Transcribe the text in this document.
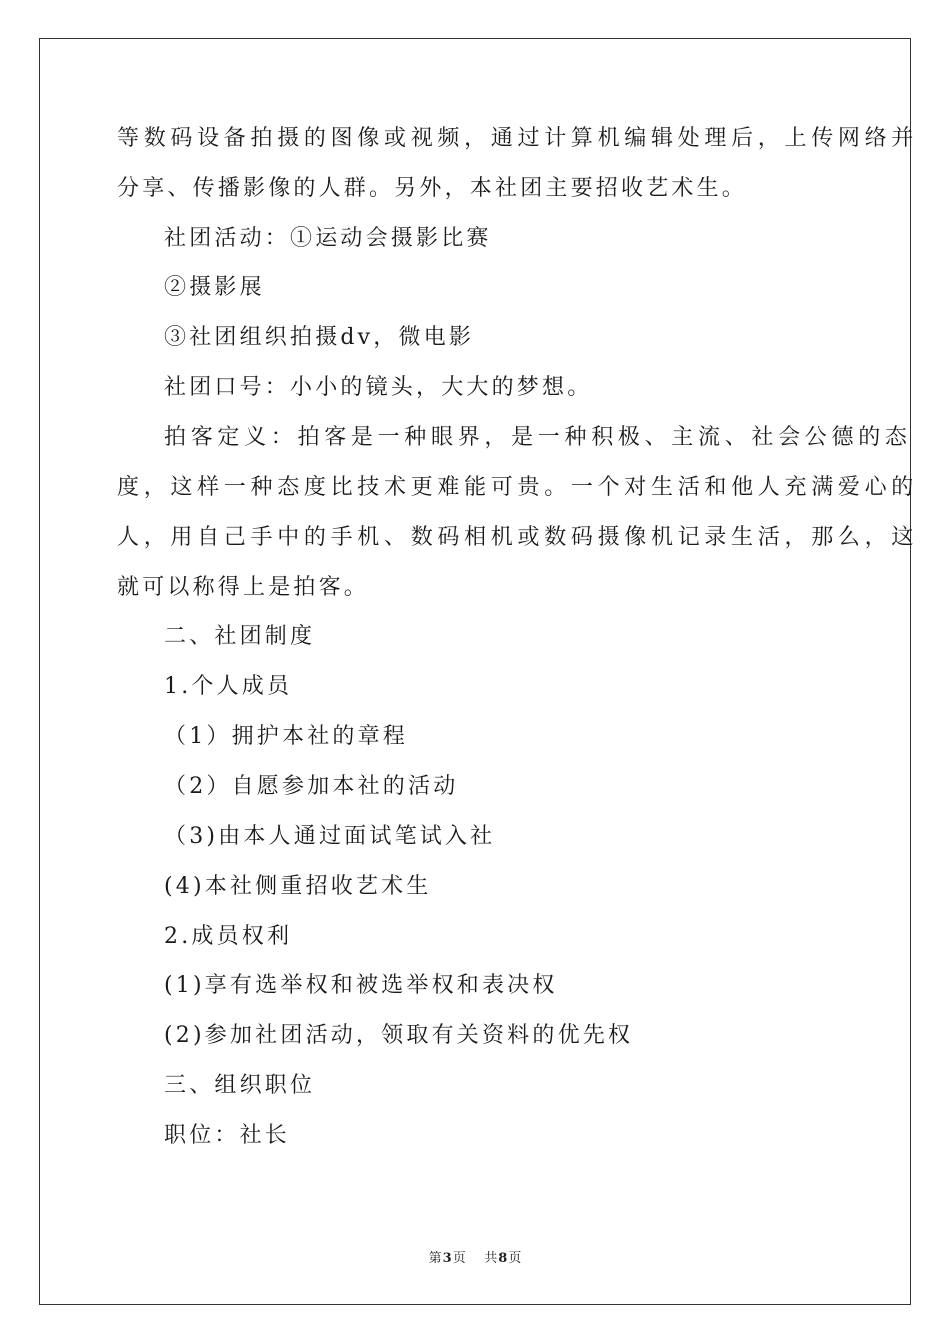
等数码设备拍摄的图像或视频，通过计算机编辑处理后，上传网络并
分享、传播影像的人群。另外，本社团主要招收艺术生。
社团活动：①运动会摄影比赛
②摄影展
③社团组织拍摄dv，微电影
社团口号：小小的镜头，大大的梦想。
拍客定义：拍客是一种眼界，是一种积极、主流、社会公德的态
度，这样一种态度比技术更难能可贵。一个对生活和他人充满爱心的
人，用自己手中的手机、数码相机或数码摄像机记录生活，那么，这
就可以称得上是拍客。
二、社团制度
1.个人成员
（1）拥护本社的章程
（2）自愿参加本社的活动
（3)由本人通过面试笔试入社
(4)本社侧重招收艺术生
2.成员权利
(1)享有选举权和被选举权和表决权
(2)参加社团活动，领取有关资料的优先权
三、组织职位
职位：社长
第3页 共8页
